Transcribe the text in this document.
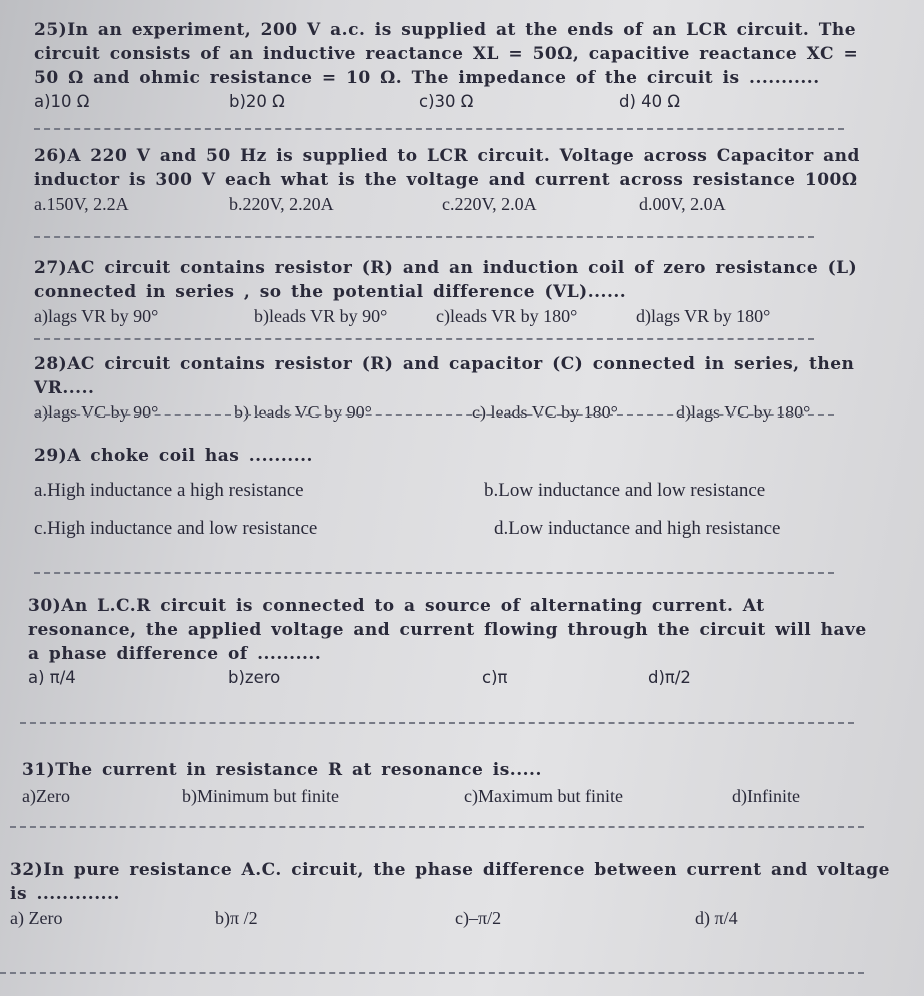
25)In an experiment, 200 V a.c. is supplied at the ends of an LCR circuit. The circuit consists of an inductive reactance XL = 50Ω, capacitive reactance XC = 50 Ω and ohmic resistance = 10 Ω. The impedance of the circuit is ...........

a)10 Ω	b)20 Ω	c)30 Ω	d) 40 Ω

26)A 220 V and 50 Hz is supplied to LCR circuit. Voltage across Capacitor and inductor is 300 V each what is the voltage and current across resistance 100Ω

a.150V, 2.2A	b.220V, 2.20A	c.220V, 2.0A	d.00V, 2.0A

27)AC circuit contains resistor (R) and an induction coil of zero resistance (L) connected in series , so the potential difference (VL)......

a)lags VR by 90°	b)leads VR by 90°	c)leads VR by 180°	d)lags VR by 180°

28)AC circuit contains resistor (R) and capacitor (C) connected in series, then VR.....

a)lags VC by 90°	b) leads VC by 90°	c) leads VC by 180°	d)lags VC by 180°

29)A choke coil has ..........

a.High inductance a high resistance	b.Low inductance and low resistance
c.High inductance and low resistance	d.Low inductance and high resistance

30)An L.C.R circuit is connected to a source of alternating current. At resonance, the applied voltage and current flowing through the circuit will have a phase difference of ..........

a) π/4	b)zero	c)π	d)π/2

31)The current in resistance R at resonance is.....

a)Zero	b)Minimum but finite	c)Maximum but finite	d)Infinite

32)In pure resistance A.C. circuit, the phase difference between current and voltage is .............

a) Zero	b)π /2	c)–π/2	d) π/4
